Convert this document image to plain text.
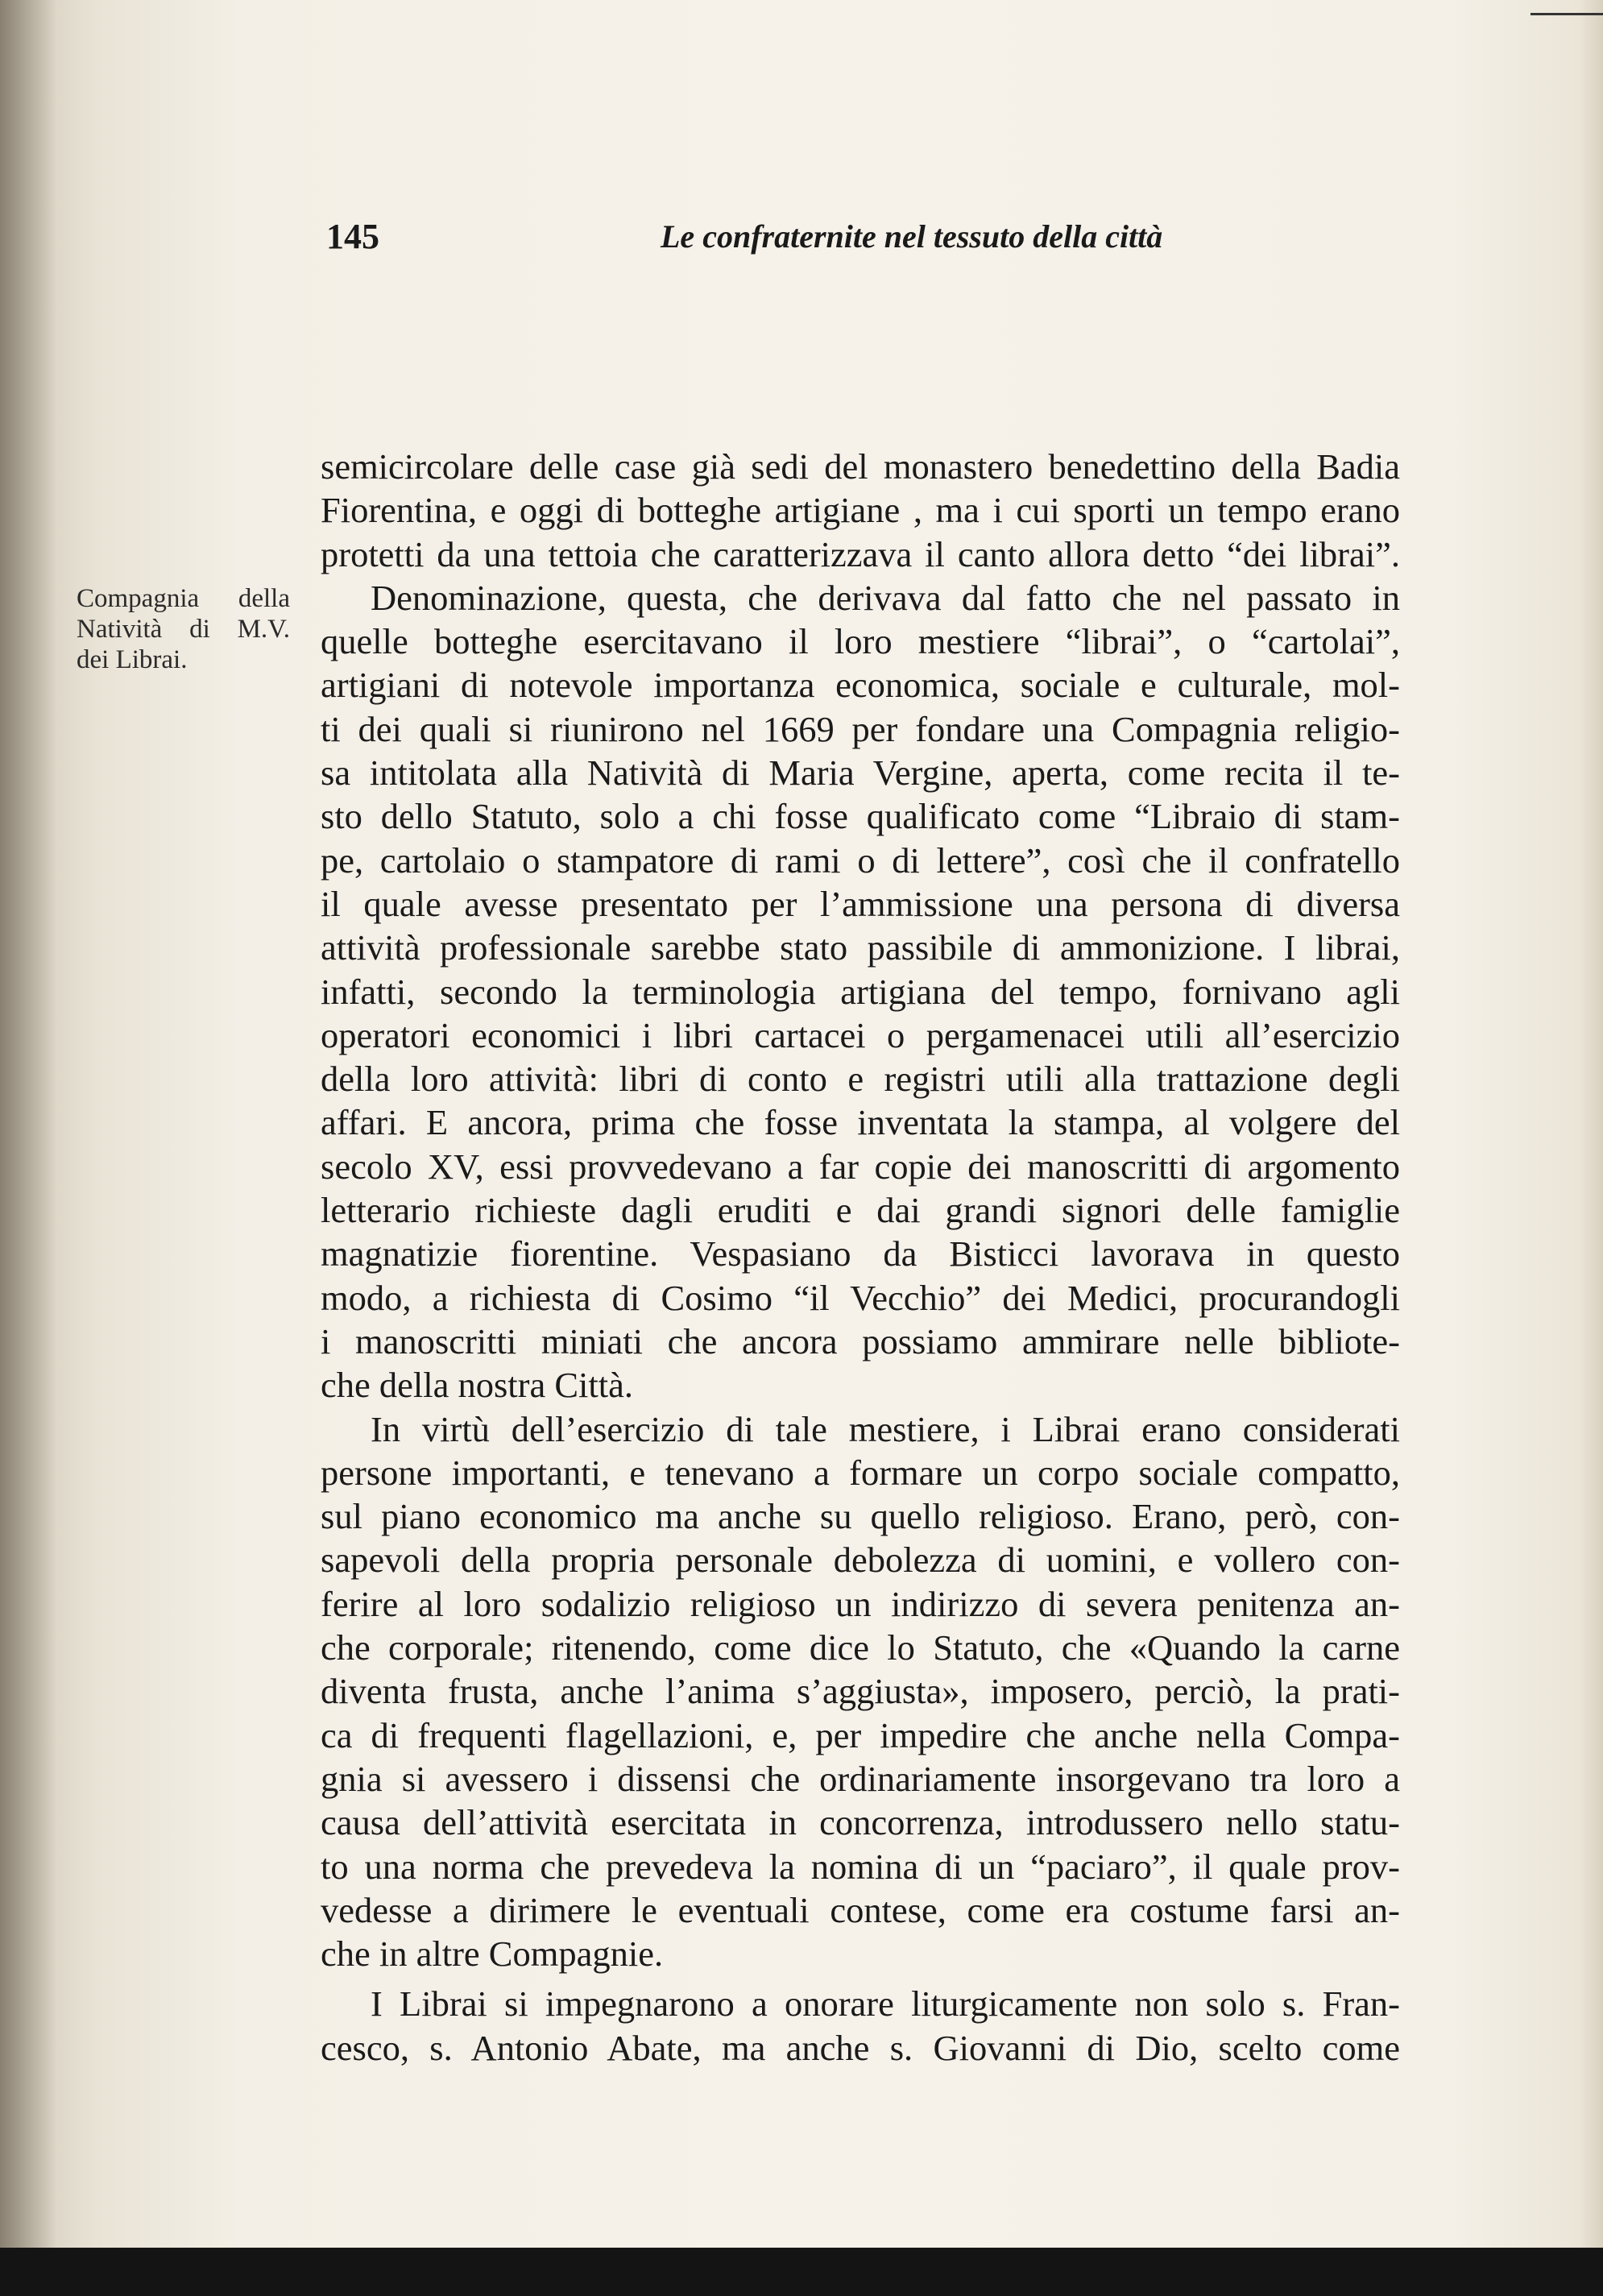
145	Le confraternite nel tessuto della città
Compagnia della
Natività di M.V.
dei Librai.

semicircolare delle case già sedi del monastero benedettino della Badia
Fiorentina, e oggi di botteghe artigiane , ma i cui sporti un tempo erano
protetti da una tettoia che caratterizzava il canto allora detto “dei librai”.

Denominazione, questa, che derivava dal fatto che nel passato in
quelle botteghe esercitavano il loro mestiere “librai”, o “cartolai”,
artigiani di notevole importanza economica, sociale e culturale, mol-
ti dei quali si riunirono nel 1669 per fondare una Compagnia religio-
sa intitolata alla Natività di Maria Vergine, aperta, come recita il te-
sto dello Statuto, solo a chi fosse qualificato come “Libraio di stam-
pe, cartolaio o stampatore di rami o di lettere”, così che il confratello
il quale avesse presentato per l’ammissione una persona di diversa
attività professionale sarebbe stato passibile di ammonizione. I librai,
infatti, secondo la terminologia artigiana del tempo, fornivano agli
operatori economici i libri cartacei o pergamenacei utili all’esercizio
della loro attività: libri di conto e registri utili alla trattazione degli
affari. E ancora, prima che fosse inventata la stampa, al volgere del
secolo XV, essi provvedevano a far copie dei manoscritti di argomento
letterario richieste dagli eruditi e dai grandi signori delle famiglie
magnatizie fiorentine. Vespasiano da Bisticci lavorava in questo
modo, a richiesta di Cosimo “il Vecchio” dei Medici, procurandogli
i manoscritti miniati che ancora possiamo ammirare nelle bibliote-
che della nostra Città.

In virtù dell’esercizio di tale mestiere, i Librai erano considerati
persone importanti, e tenevano a formare un corpo sociale compatto,
sul piano economico ma anche su quello religioso. Erano, però, con-
sapevoli della propria personale debolezza di uomini, e vollero con-
ferire al loro sodalizio religioso un indirizzo di severa penitenza an-
che corporale; ritenendo, come dice lo Statuto, che «Quando la carne
diventa frusta, anche l’anima s’aggiusta», imposero, perciò, la prati-
ca di frequenti flagellazioni, e, per impedire che anche nella Compa-
gnia si avessero i dissensi che ordinariamente insorgevano tra loro a
causa dell’attività esercitata in concorrenza, introdussero nello statu-
to una norma che prevedeva la nomina di un “paciaro”, il quale prov-
vedesse a dirimere le eventuali contese, come era costume farsi an-
che in altre Compagnie.

I Librai si impegnarono a onorare liturgicamente non solo s. Fran-
cesco, s. Antonio Abate, ma anche s. Giovanni di Dio, scelto come
